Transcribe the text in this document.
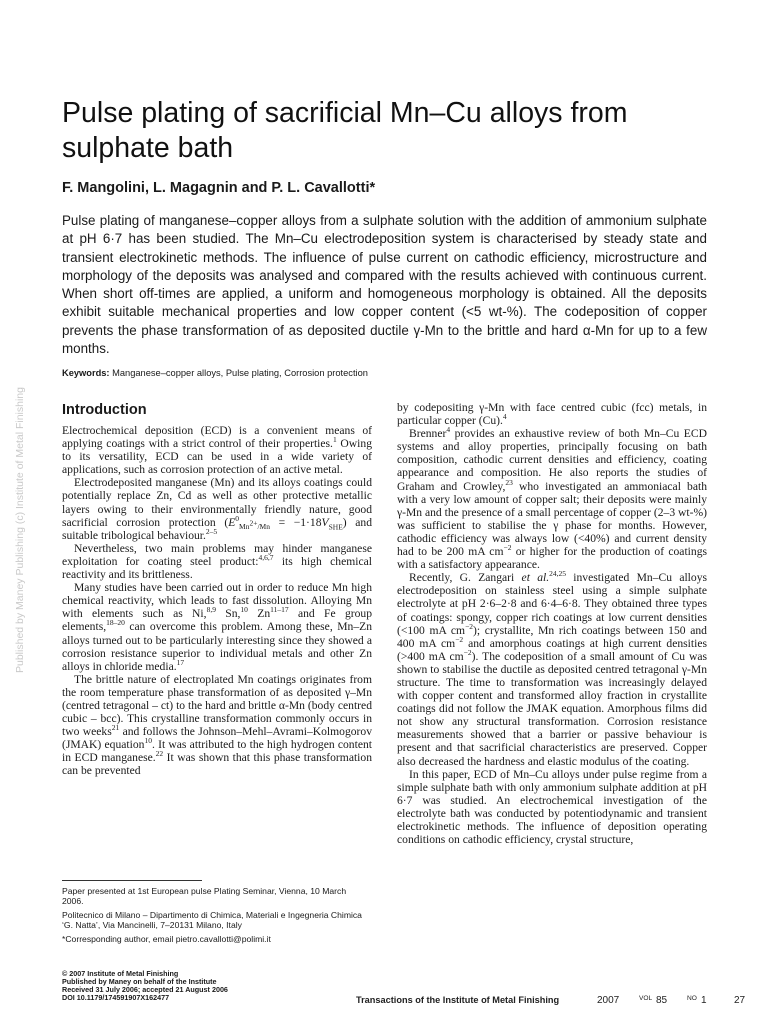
Published by Maney Publishing (c) Institute of Metal Finishing
Pulse plating of sacrificial Mn–Cu alloys from sulphate bath

F. Mangolini, L. Magagnin and P. L. Cavallotti*

Pulse plating of manganese–copper alloys from a sulphate solution with the addition of ammonium sulphate at pH 6·7 has been studied. The Mn–Cu electrodeposition system is characterised by steady state and transient electrokinetic methods. The influence of pulse current on cathodic efficiency, microstructure and morphology of the deposits was analysed and compared with the results achieved with continuous current. When short off-times are applied, a uniform and homogeneous morphology is obtained. All the deposits exhibit suitable mechanical properties and low copper content (<5 wt-%). The codeposition of copper prevents the phase transformation of as deposited ductile γ-Mn to the brittle and hard α-Mn for up to a few months.

Keywords: Manganese–copper alloys, Pulse plating, Corrosion protection

Introduction

Electrochemical deposition (ECD) is a convenient means of applying coatings with a strict control of their properties.$^1$ Owing to its versatility, ECD can be used in a wide variety of applications, such as corrosion protection of an active metal.

Electrodeposited manganese (Mn) and its alloys coatings could potentially replace Zn, Cd as well as other protective metallic layers owing to their environmentally friendly nature, good sacrificial corrosion protection $(E^0_{Mn^{2+}/Mn} = -1\cdot 18V_{SHE})$ and suitable tribological behaviour.$^{2-5}$

Nevertheless, two main problems may hinder manganese exploitation for coating steel product:$^{4,6,7}$ its high chemical reactivity and its brittleness.

Many studies have been carried out in order to reduce Mn high chemical reactivity, which leads to fast dissolution. Alloying Mn with elements such as Ni,$^{8,9}$ Sn,$^{10}$ Zn$^{11-17}$ and Fe group elements,$^{18-20}$ can overcome this problem. Among these, Mn–Zn alloys turned out to be particularly interesting since they showed a corrosion resistance superior to individual metals and other Zn alloys in chloride media.$^{17}$

The brittle nature of electroplated Mn coatings originates from the room temperature phase transformation of as deposited γ–Mn (centred tetragonal – ct) to the hard and brittle α-Mn (body centred cubic – bcc). This crystalline transformation commonly occurs in two weeks$^{21}$ and follows the Johnson–Mehl–Avrami–Kolmogorov (JMAK) equation$^{10}$. It was attributed to the high hydrogen content in ECD manganese.$^{22}$ It was shown that this phase transformation can be prevented

by codepositing γ-Mn with face centred cubic (fcc) metals, in particular copper (Cu).$^4$

Brenner$^4$ provides an exhaustive review of both Mn–Cu ECD systems and alloy properties, principally focusing on bath composition, cathodic current densities and efficiency, coating appearance and composition. He also reports the studies of Graham and Crowley,$^{23}$ who investigated an ammoniacal bath with a very low amount of copper salt; their deposits were mainly γ-Mn and the presence of a small percentage of copper (2–3 wt-%) was sufficient to stabilise the γ phase for months. However, cathodic efficiency was always low (<40%) and current density had to be 200 mA $cm^{-2}$ or higher for the production of coatings with a satisfactory appearance.

Recently, G. Zangari et al.$^{24,25}$ investigated Mn–Cu alloys electrodeposition on stainless steel using a simple sulphate electrolyte at pH 2·6–2·8 and 6·4–6·8. They obtained three types of coatings: spongy, copper rich coatings at low current densities (<100 mA $cm^{-2}$); crystallite, Mn rich coatings between 150 and 400 mA $cm^{-2}$ and amorphous coatings at high current densities (>400 mA $cm^{-2}$). The codeposition of a small amount of Cu was shown to stabilise the ductile as deposited centred tetragonal γ-Mn structure. The time to transformation was increasingly delayed with copper content and transformed alloy fraction in crystallite coatings did not follow the JMAK equation. Amorphous films did not show any structural transformation. Corrosion resistance measurements showed that a barrier or passive behaviour is present and that sacrificial characteristics are preserved. Copper also decreased the hardness and elastic modulus of the coating.

In this paper, ECD of Mn–Cu alloys under pulse regime from a simple sulphate bath with only ammonium sulphate addition at pH 6·7 was studied. An electrochemical investigation of the electrolyte bath was conducted by potentiodynamic and transient electrokinetic methods. The influence of deposition operating conditions on cathodic efficiency, crystal structure,

Paper presented at 1st European pulse Plating Seminar, Vienna, 10 March 2006.

Politecnico di Milano – Dipartimento di Chimica, Materiali e Ingegneria Chimica ‘G. Natta’, Via Mancinelli, 7–20131 Milano, Italy

*Corresponding author, email pietro.cavallotti@polimi.it

© 2007 Institute of Metal Finishing
Published by Maney on behalf of the Institute
Received 31 July 2006; accepted 21 August 2006
DOI 10.1179/174591907X162477	Transactions of the Institute of Metal Finishing	2007	VOL 85	NO 1	27
